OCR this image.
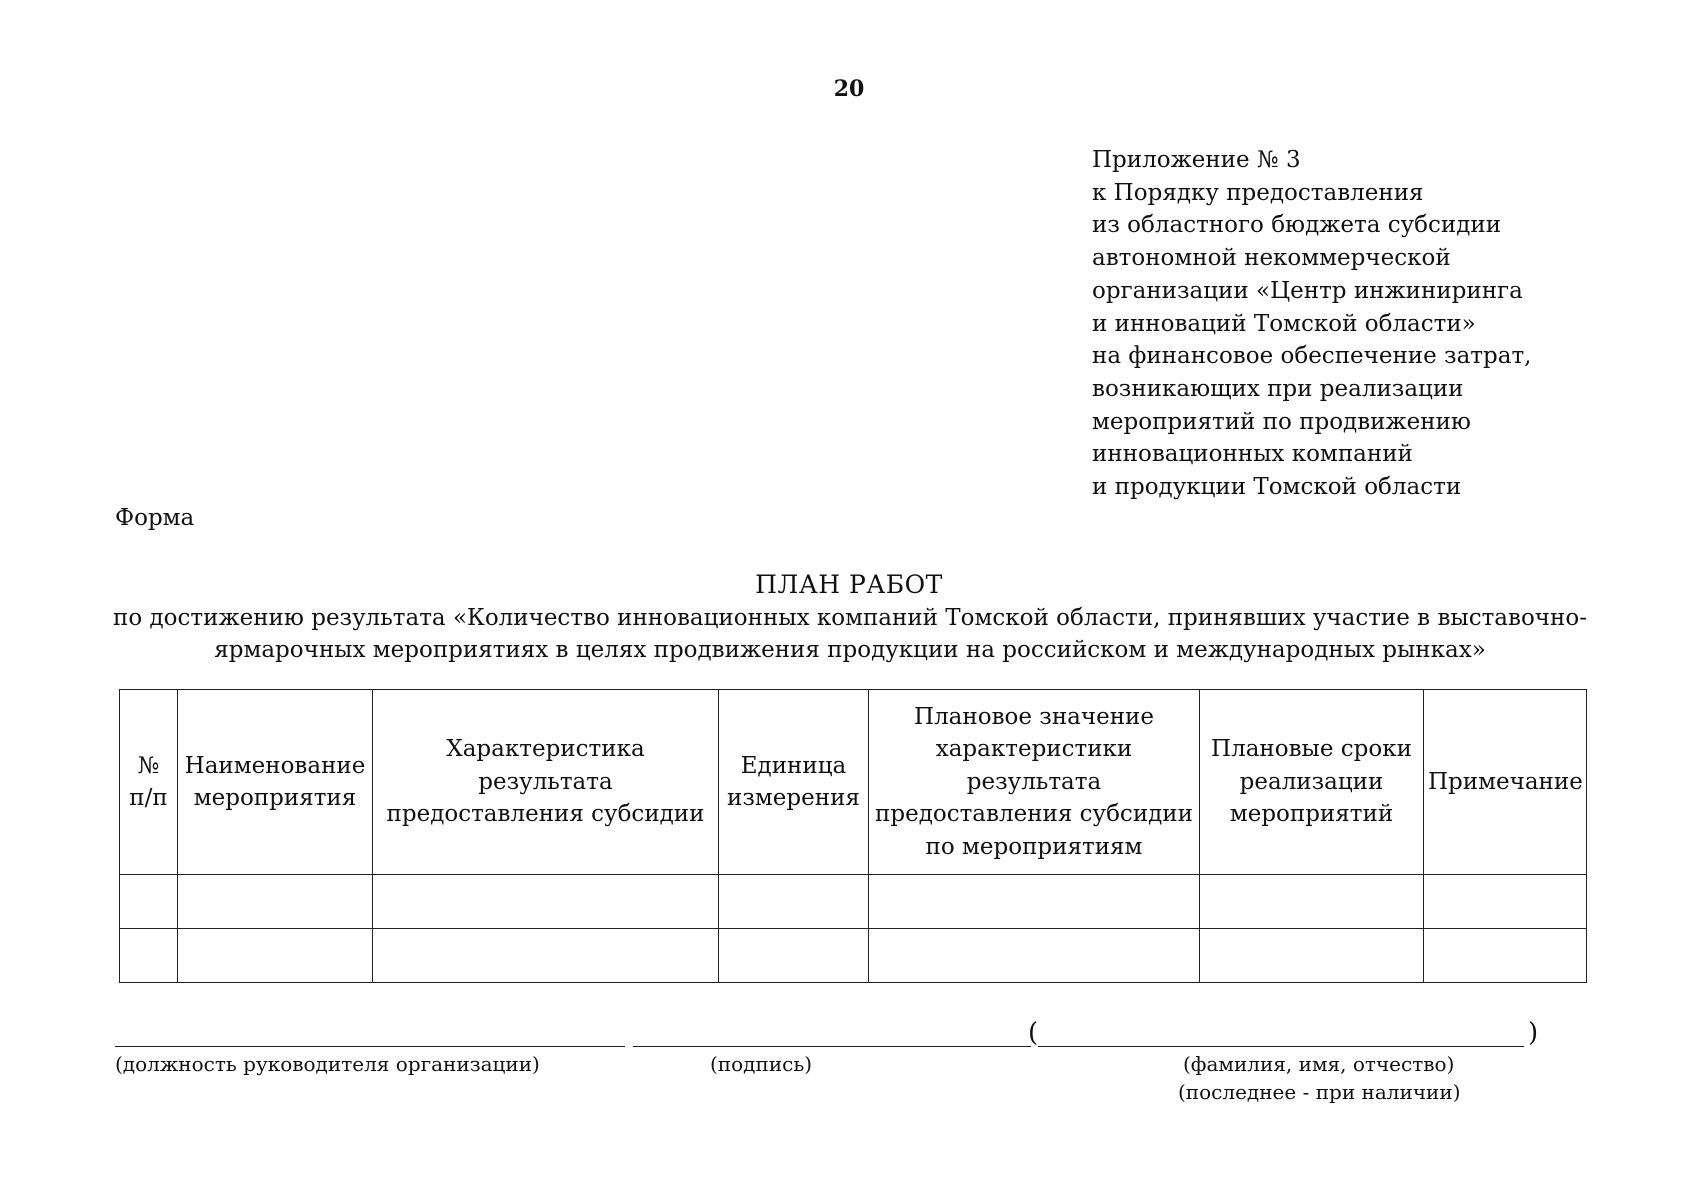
20
Приложение № 3
к Порядку предоставления
из областного бюджета субсидии
автономной некоммерческой
организации «Центр инжиниринга
и инноваций Томской области»
на финансовое обеспечение затрат,
возникающих при реализации
мероприятий по продвижению
инновационных компаний
и продукции Томской области
Форма
ПЛАН РАБОТ
по достижению результата «Количество инновационных компаний Томской области, принявших участие в выставочно-
ярмарочных мероприятиях в целях продвижения продукции на российском и международных рынках»
№ п/п	Наименование мероприятия	Характеристика результата предоставления субсидии	Единица измерения	Плановое значение характеристики результата предоставления субсидии по мероприятиям	Плановые сроки реализации мероприятий	Примечание

(	)
(должность руководителя организации)	(подпись)	(фамилия, имя, отчество)
(последнее - при наличии)
